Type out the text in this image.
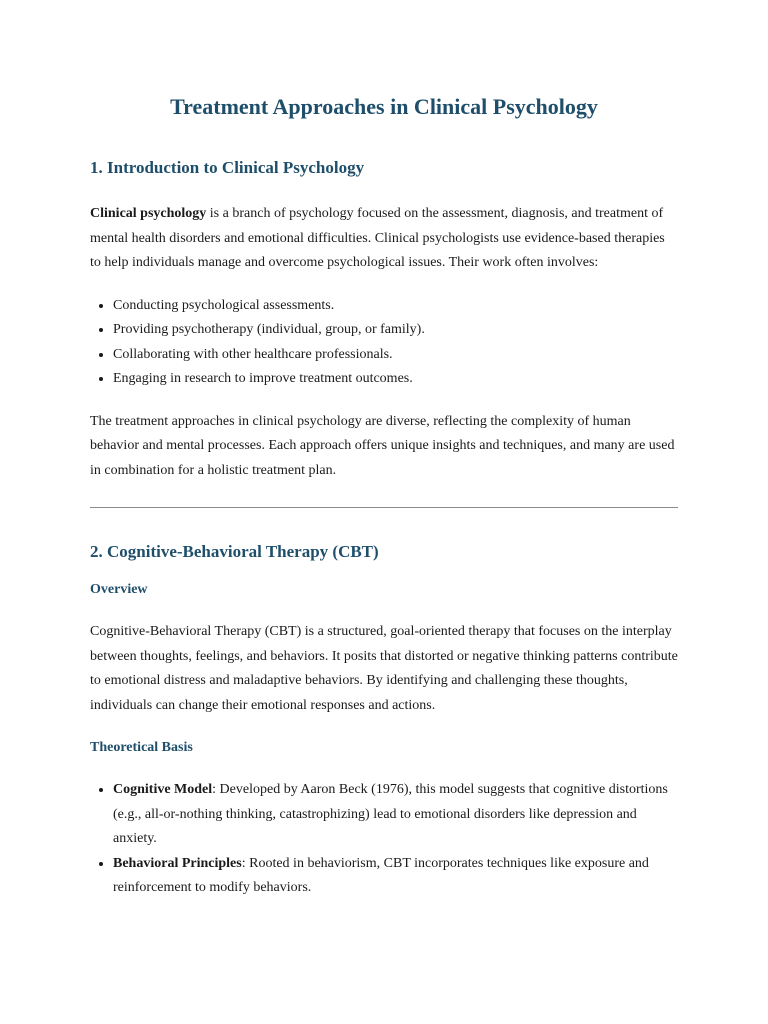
Treatment Approaches in Clinical Psychology
1. Introduction to Clinical Psychology

Clinical psychology is a branch of psychology focused on the assessment, diagnosis, and treatment of mental health disorders and emotional difficulties. Clinical psychologists use evidence-based therapies to help individuals manage and overcome psychological issues. Their work often involves:

• Conducting psychological assessments.
• Providing psychotherapy (individual, group, or family).
• Collaborating with other healthcare professionals.
• Engaging in research to improve treatment outcomes.

The treatment approaches in clinical psychology are diverse, reflecting the complexity of human behavior and mental processes. Each approach offers unique insights and techniques, and many are used in combination for a holistic treatment plan.

2. Cognitive-Behavioral Therapy (CBT)
Overview

Cognitive-Behavioral Therapy (CBT) is a structured, goal-oriented therapy that focuses on the interplay between thoughts, feelings, and behaviors. It posits that distorted or negative thinking patterns contribute to emotional distress and maladaptive behaviors. By identifying and challenging these thoughts, individuals can change their emotional responses and actions.

Theoretical Basis
• Cognitive Model: Developed by Aaron Beck (1976), this model suggests that cognitive distortions (e.g., all-or-nothing thinking, catastrophizing) lead to emotional disorders like depression and anxiety.
• Behavioral Principles: Rooted in behaviorism, CBT incorporates techniques like exposure and reinforcement to modify behaviors.
